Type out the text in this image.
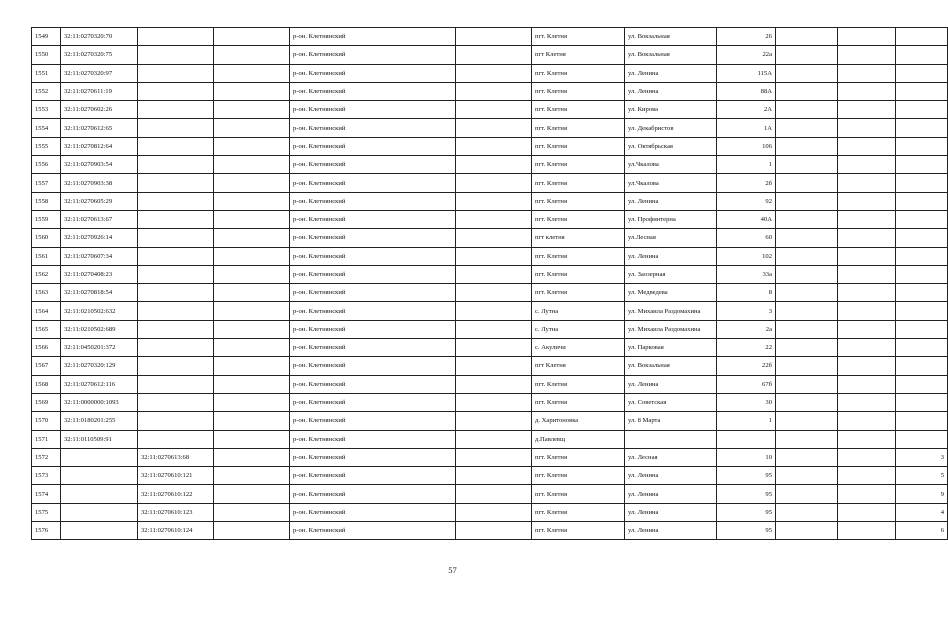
1549	32:11:0270320:70			р-он. Клетнянский		пгт. Клетня	ул. Вокзальная	26			
1550	32:11:0270320:75			р-он. Клетнянский		пгт Клетня	ул. Вокзальная	22а			
1551	32:11:0270320:97			р-он. Клетнянский		пгт. Клетня	ул. Ленина	115А			
1552	32:11:0270611:19			р-он. Клетнянский		пгт. Клетня	ул. Ленина	88А			
1553	32:11:0270602:26			р-он. Клетнянский		пгт. Клетня	ул. Кирова	2А			
1554	32:11:0270612:65			р-он. Клетнянский		пгт. Клетня	ул. Декабристов	1А			
1555	32:11:0270812:64			р-он. Клетнянский		пгт. Клетня	ул. Октябрьская	106			
1556	32:11:0270903:54			р-он. Клетнянский		пгт. Клетня	ул.Чкалова	1			
1557	32:11:0270903:38			р-он. Клетнянский		пгт. Клетня	ул.Чкалова	2б			
1558	32:11:0270605:29			р-он. Клетнянский		пгт. Клетня	ул. Ленина	92			
1559	32:11:0270613:67			р-он. Клетнянский		пгт. Клетня	ул. Профинтерна	40А			
1560	32:11:0270926:14			р-он. Клетнянский		пгт клетня	ул.Лесная	60			
1561	32:11:0270607:34			р-он. Клетнянский		пгт. Клетня	ул. Ленина	102			
1562	32:11:0270408:23			р-он. Клетнянский		пгт. Клетня	ул. Заозерная	33а			
1563	32:11:0270818:54			р-он. Клетнянский		пгт. Клетня	ул. Медведева	8			
1564	32:11:0210502:632			р-он. Клетнянский		с. Лутна	ул. Михаила Раздомахина	3			
1565	32:11:0210502:689			р-он. Клетнянский		с. Лутна	ул. Михаила Раздомахина	2а			
1566	32:11:0450201:372			р-он. Клетнянский		с. Акуличи	ул. Парковая	22			
1567	32:11:0270320:129			р-он. Клетнянский		пгт Клетня	ул. Вокзальная	22б			
1568	32:11:0270612:116			р-он. Клетнянский		пгт. Клетня	ул. Ленина	67б			
1569	32:11:0000000:1093			р-он. Клетнянский		пгт. Клетня	ул. Советская	30			
1570	32:11:0180201:255			р-он. Клетнянский		д. Харитоновка	ул. 8 Марта	1			
1571	32:11:0110509:91			р-он. Клетнянский		д.Павлевщ					
1572		32:11:0270613:68		р-он. Клетнянский		пгт. Клетня	ул. Лесная	10			3
1573		32:11:0270610:121		р-он. Клетнянский		пгт. Клетня	ул. Ленина	95			5
1574		32:11:0270610:122		р-он. Клетнянский		пгт. Клетня	ул. Ленина	95			9
1575		32:11:0270610:123		р-он. Клетнянский		пгт. Клетня	ул. Ленина	95			4
1576		32:11:0270610:124		р-он. Клетнянский		пгт. Клетня	ул. Ленина	95			6
57
